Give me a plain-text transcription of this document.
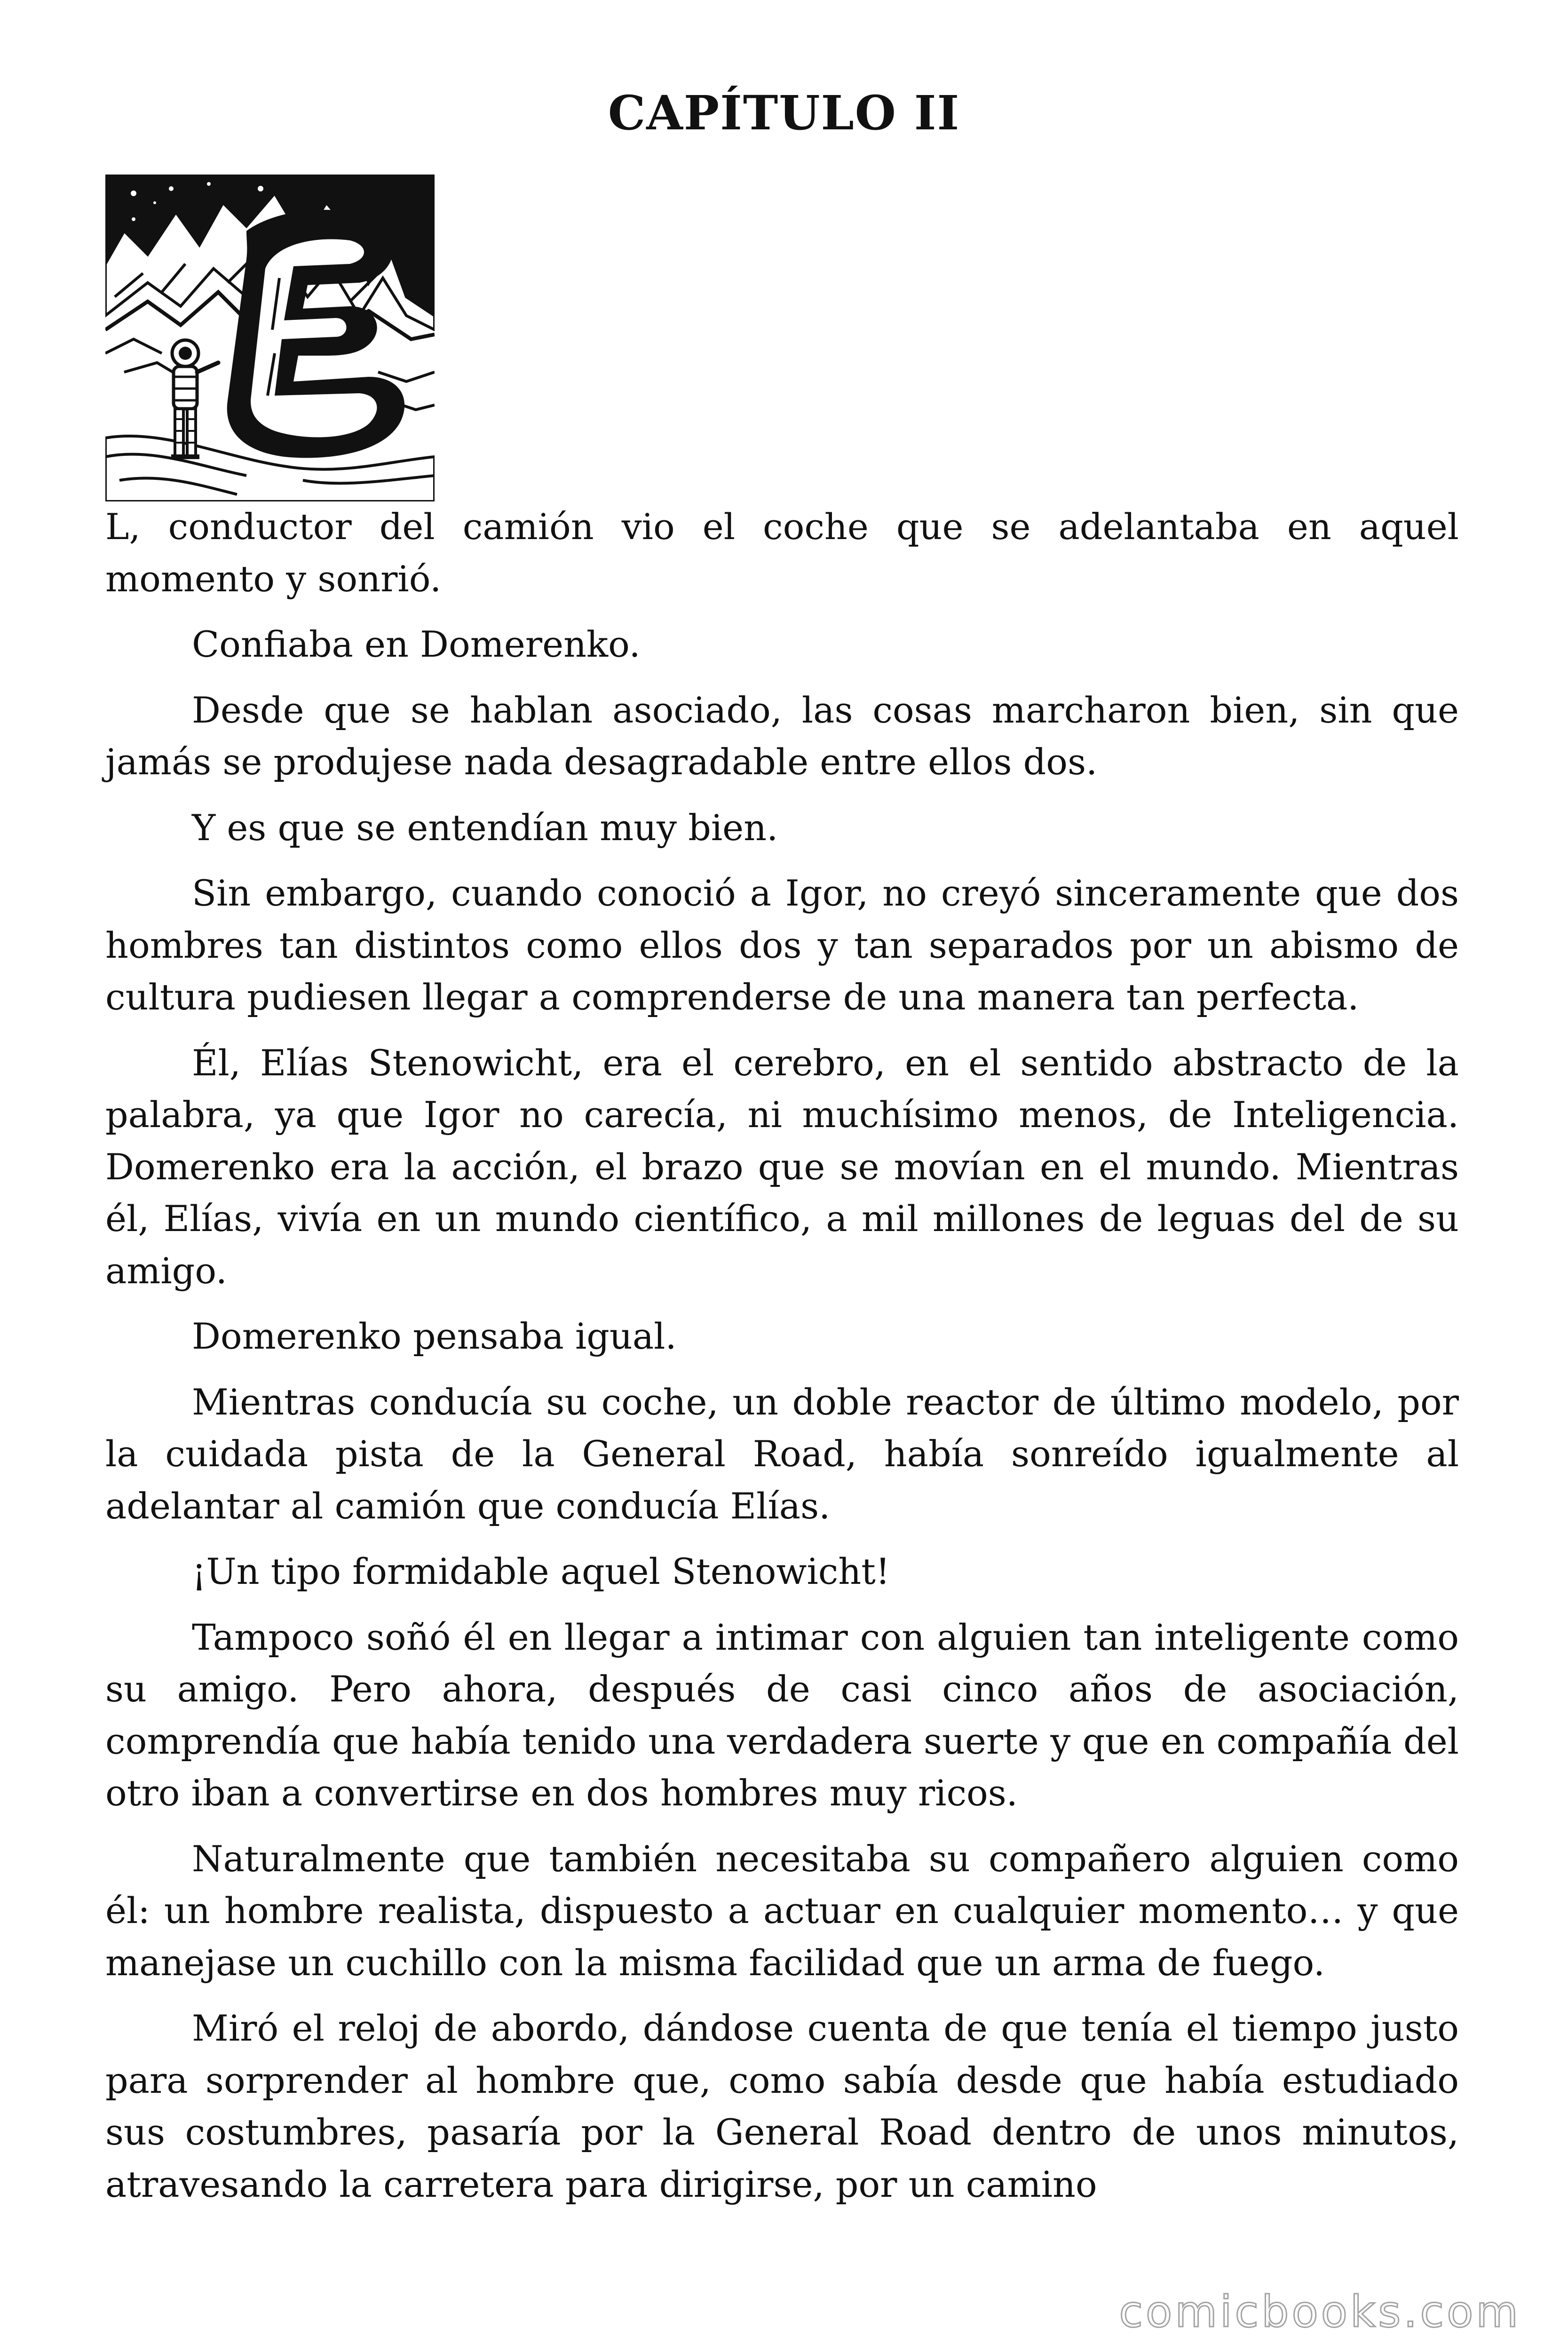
CAPÍTULO II

L, conductor del camión vio el coche que se adelantaba en aquel momento y sonrió.

Confiaba en Domerenko.

Desde que se hablan asociado, las cosas marcharon bien, sin que jamás se produjese nada desagradable entre ellos dos.

Y es que se entendían muy bien.

Sin embargo, cuando conoció a Igor, no creyó sinceramente que dos hombres tan distintos como ellos dos y tan separados por un abismo de cultura pudiesen llegar a comprenderse de una manera tan perfecta.

Él, Elías Stenowicht, era el cerebro, en el sentido abstracto de la palabra, ya que Igor no carecía, ni muchísimo menos, de Inteligencia. Domerenko era la acción, el brazo que se movían en el mundo. Mientras él, Elías, vivía en un mundo científico, a mil millones de leguas del de su amigo.

Domerenko pensaba igual.

Mientras conducía su coche, un doble reactor de último modelo, por la cuidada pista de la General Road, había sonreído igualmente al adelantar al camión que conducía Elías.

¡Un tipo formidable aquel Stenowicht!

Tampoco soñó él en llegar a intimar con alguien tan inteligente como su amigo. Pero ahora, después de casi cinco años de asociación, comprendía que había tenido una verdadera suerte y que en compañía del otro iban a convertirse en dos hombres muy ricos.

Naturalmente que también necesitaba su compañero alguien como él: un hombre realista, dispuesto a actuar en cualquier momento… y que manejase un cuchillo con la misma facilidad que un arma de fuego.

Miró el reloj de abordo, dándose cuenta de que tenía el tiempo justo para sorprender al hombre que, como sabía desde que había estudiado sus costumbres, pasaría por la General Road dentro de unos minutos, atravesando la carretera para dirigirse, por un camino

comicbooks.com
